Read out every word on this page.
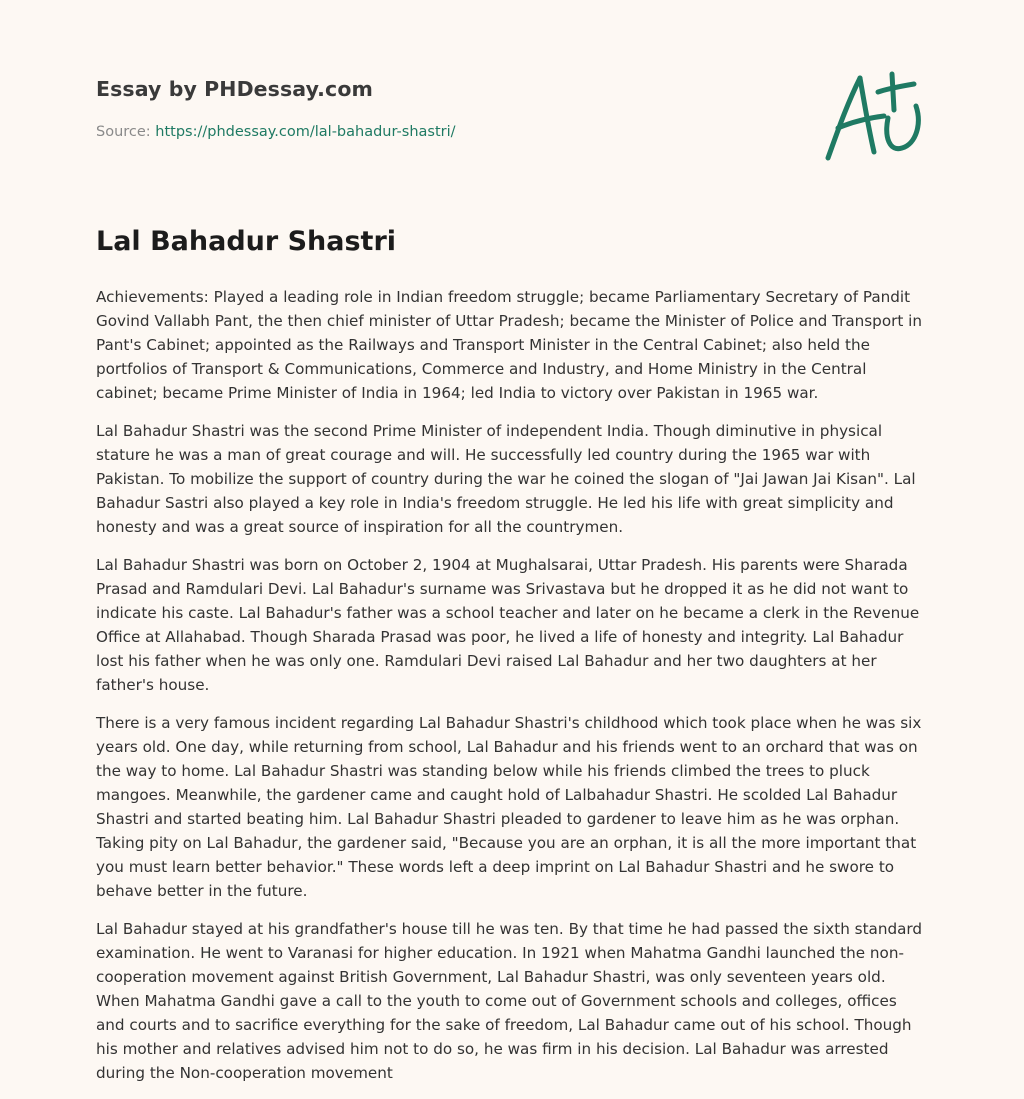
Essay by PHDessay.com
Source: https://phdessay.com/lal-bahadur-shastri/
Lal Bahadur Shastri

Achievements: Played a leading role in Indian freedom struggle; became Parliamentary Secretary of Pandit Govind Vallabh Pant, the then chief minister of Uttar Pradesh; became the Minister of Police and Transport in Pant's Cabinet; appointed as the Railways and Transport Minister in the Central Cabinet; also held the portfolios of Transport & Communications, Commerce and Industry, and Home Ministry in the Central cabinet; became Prime Minister of India in 1964; led India to victory over Pakistan in 1965 war.

Lal Bahadur Shastri was the second Prime Minister of independent India. Though diminutive in physical stature he was a man of great courage and will. He successfully led country during the 1965 war with Pakistan. To mobilize the support of country during the war he coined the slogan of "Jai Jawan Jai Kisan". Lal Bahadur Sastri also played a key role in India's freedom struggle. He led his life with great simplicity and honesty and was a great source of inspiration for all the countrymen.

Lal Bahadur Shastri was born on October 2, 1904 at Mughalsarai, Uttar Pradesh. His parents were Sharada Prasad and Ramdulari Devi. Lal Bahadur's surname was Srivastava but he dropped it as he did not want to indicate his caste. Lal Bahadur's father was a school teacher and later on he became a clerk in the Revenue Office at Allahabad. Though Sharada Prasad was poor, he lived a life of honesty and integrity. Lal Bahadur lost his father when he was only one. Ramdulari Devi raised Lal Bahadur and her two daughters at her father's house.

There is a very famous incident regarding Lal Bahadur Shastri's childhood which took place when he was six years old. One day, while returning from school, Lal Bahadur and his friends went to an orchard that was on the way to home. Lal Bahadur Shastri was standing below while his friends climbed the trees to pluck mangoes. Meanwhile, the gardener came and caught hold of Lalbahadur Shastri. He scolded Lal Bahadur Shastri and started beating him. Lal Bahadur Shastri pleaded to gardener to leave him as he was orphan. Taking pity on Lal Bahadur, the gardener said, "Because you are an orphan, it is all the more important that you must learn better behavior." These words left a deep imprint on Lal Bahadur Shastri and he swore to behave better in the future.

Lal Bahadur stayed at his grandfather's house till he was ten. By that time he had passed the sixth standard examination. He went to Varanasi for higher education. In 1921 when Mahatma Gandhi launched the non-cooperation movement against British Government, Lal Bahadur Shastri, was only seventeen years old. When Mahatma Gandhi gave a call to the youth to come out of Government schools and colleges, offices and courts and to sacrifice everything for the sake of freedom, Lal Bahadur came out of his school. Though his mother and relatives advised him not to do so, he was firm in his decision. Lal Bahadur was arrested during the Non-cooperation movement
